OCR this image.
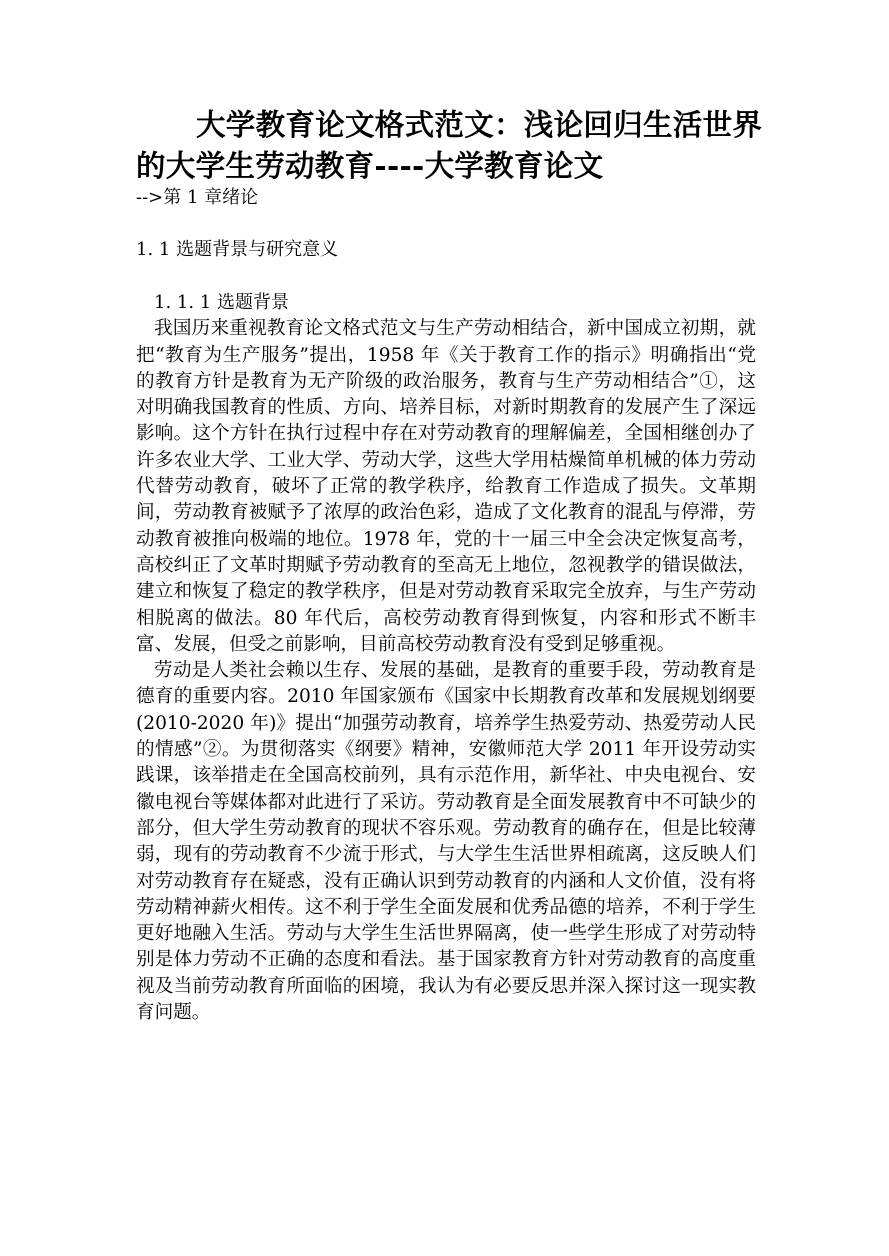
大学教育论文格式范文：浅论回归生活世界的大学生劳动教育----大学教育论文

-->第 1 章绪论

1. 1 选题背景与研究意义

1. 1. 1 选题背景

我国历来重视教育论文格式范文与生产劳动相结合，新中国成立初期，就把“教育为生产服务”提出，1958 年《关于教育工作的指示》明确指出“党的教育方针是教育为无产阶级的政治服务，教育与生产劳动相结合”①，这对明确我国教育的性质、方向、培养目标，对新时期教育的发展产生了深远影响。这个方针在执行过程中存在对劳动教育的理解偏差，全国相继创办了许多农业大学、工业大学、劳动大学，这些大学用枯燥简单机械的体力劳动代替劳动教育，破坏了正常的教学秩序，给教育工作造成了损失。文革期间，劳动教育被赋予了浓厚的政治色彩，造成了文化教育的混乱与停滞，劳动教育被推向极端的地位。1978 年，党的十一届三中全会决定恢复高考，高校纠正了文革时期赋予劳动教育的至高无上地位，忽视教学的错误做法，建立和恢复了稳定的教学秩序，但是对劳动教育采取完全放弃，与生产劳动相脱离的做法。80 年代后，高校劳动教育得到恢复，内容和形式不断丰富、发展，但受之前影响，目前高校劳动教育没有受到足够重视。

劳动是人类社会赖以生存、发展的基础，是教育的重要手段，劳动教育是德育的重要内容。2010 年国家颁布《国家中长期教育改革和发展规划纲要(2010-2020 年)》提出“加强劳动教育，培养学生热爱劳动、热爱劳动人民的情感”②。为贯彻落实《纲要》精神，安徽师范大学 2011 年开设劳动实践课，该举措走在全国高校前列，具有示范作用，新华社、中央电视台、安徽电视台等媒体都对此进行了采访。劳动教育是全面发展教育中不可缺少的部分，但大学生劳动教育的现状不容乐观。劳动教育的确存在，但是比较薄弱，现有的劳动教育不少流于形式，与大学生生活世界相疏离，这反映人们对劳动教育存在疑惑，没有正确认识到劳动教育的内涵和人文价值，没有将劳动精神薪火相传。这不利于学生全面发展和优秀品德的培养，不利于学生更好地融入生活。劳动与大学生生活世界隔离，使一些学生形成了对劳动特别是体力劳动不正确的态度和看法。基于国家教育方针对劳动教育的高度重视及当前劳动教育所面临的困境，我认为有必要反思并深入探讨这一现实教育问题。
